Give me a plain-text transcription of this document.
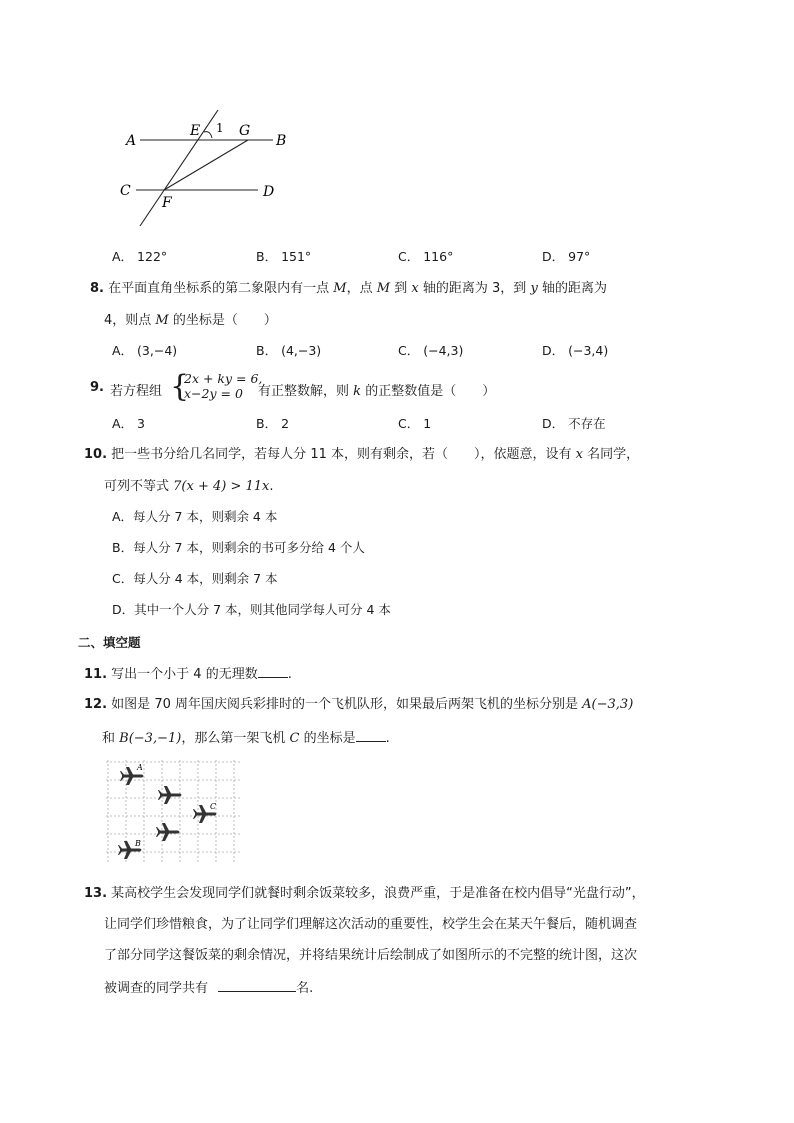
A
E 1 G
B
C
F
D
A． 122°	B． 151°	C． 116°	D． 97°
8. 在平面直角坐标系的第二象限内有一点 M，点 M 到 x 轴的距离为 3，到 y 轴的距离为
4，则点 M 的坐标是（　　）
A． (3,−4)	B． (4,−3)	C． (−4,3)	D． (−3,4)
9. 若方程组 {
2x + ky = 6,
x−2y = 0 有正整数解，则 k 的正整数值是（　　）
A． 3	B． 2	C． 1	D． 不存在
10. 把一些书分给几名同学，若每人分 11 本，则有剩余，若（　　），依题意，设有 x 名同学，
可列不等式 7(x + 4) > 11x.
A．每人分 7 本，则剩余 4 本
B．每人分 7 本，则剩余的书可多分给 4 个人
C．每人分 4 本，则剩余 7 本
D．其中一个人分 7 本，则其他同学每人可分 4 本
二、填空题
11. 写出一个小于 4 的无理数 .
12. 如图是 70 周年国庆阅兵彩排时的一个飞机队形，如果最后两架飞机的坐标分别是 A(−3,3)
和 B(−3,−1)，那么第一架飞机 C 的坐标是 .
A
C
B
13. 某高校学生会发现同学们就餐时剩余饭菜较多，浪费严重，于是准备在校内倡导“光盘行动”，
让同学们珍惜粮食，为了让同学们理解这次活动的重要性，校学生会在某天午餐后，随机调查
了部分同学这餐饭菜的剩余情况，并将结果统计后绘制成了如图所示的不完整的统计图，这次
被调查的同学共有	名.
